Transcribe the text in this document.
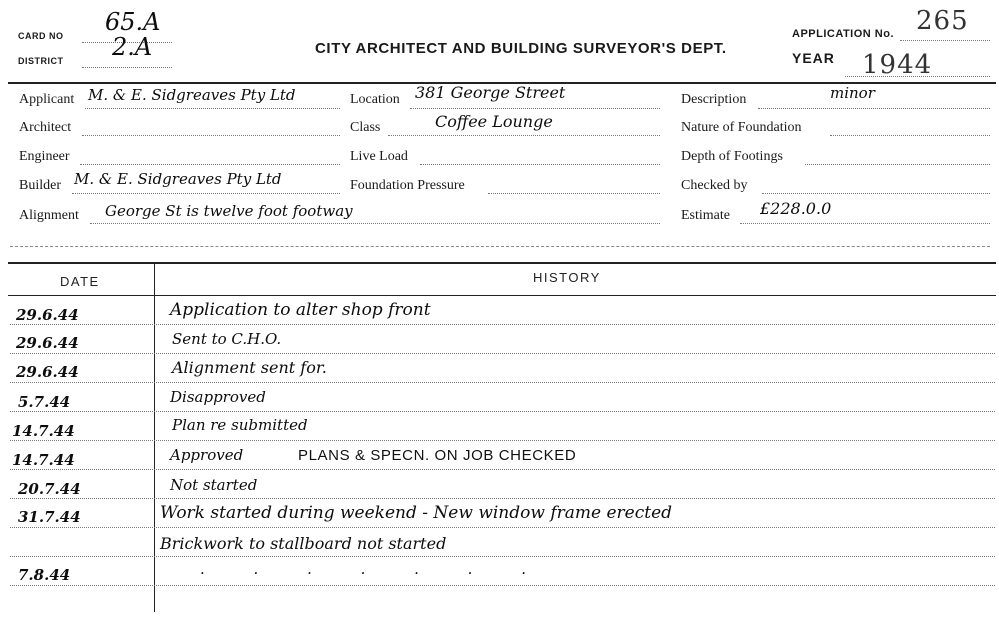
CARD NO 65.A
DISTRICT 2.A	CITY ARCHITECT AND BUILDING SURVEYOR'S DEPT.
APPLICATION No. 265
YEAR 1944
Applicant M. & E. Sidgreaves Pty Ltd
Architect
Engineer
Builder M. & E. Sidgreaves Pty Ltd
Alignment George St is twelve foot footway
Location 381 George Street
Class	Coffee Lounge
Live Load
Foundation Pressure
Description	minor
Nature of Foundation
Depth of Footings
Checked by
Estimate £228.0.0
DATE	HISTORY
29.6.44	Application to alter shop front
29.6.44	Sent to C.H.O.
29.6.44	Alignment sent for.
5.7.44	Disapproved
14.7.44	Plan re submitted
14.7.44	Approved	PLANS & SPECN. ON JOB CHECKED
20.7.44	Not started
31.7.44	Work started during weekend - New window frame erected
Brickwork to stallboard not started
7.8.44	. . . . . . .
